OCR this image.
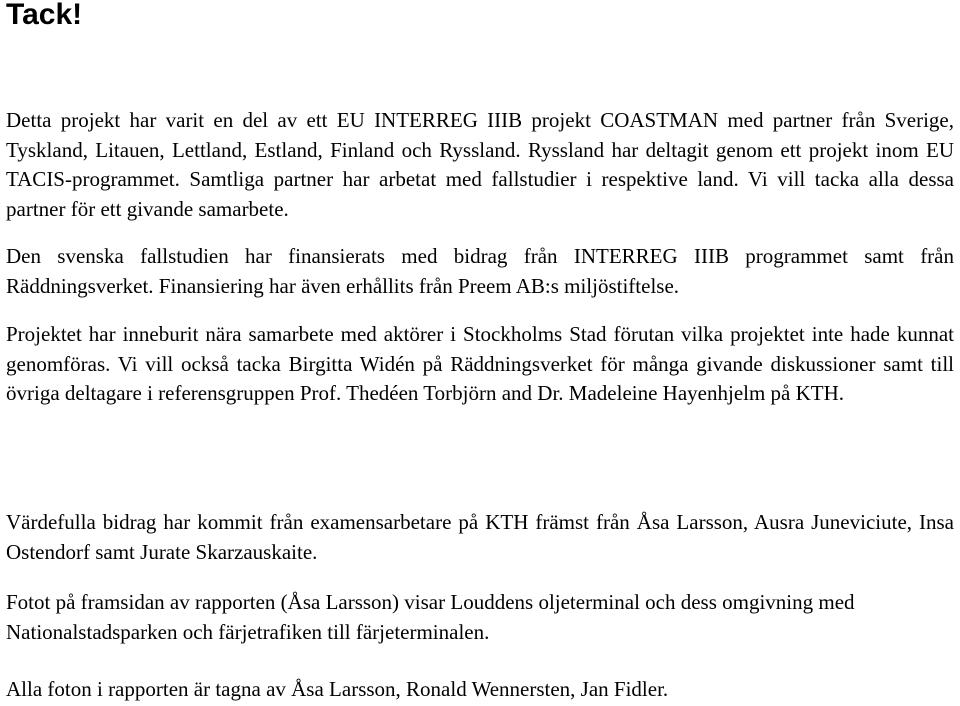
Tack!

Detta projekt har varit en del av ett EU INTERREG IIIB projekt COASTMAN med partner från Sverige, Tyskland, Litauen, Lettland, Estland, Finland och Ryssland. Ryssland har deltagit genom ett projekt inom EU TACIS-programmet. Samtliga partner har arbetat med fallstudier i respektive land. Vi vill tacka alla dessa partner för ett givande samarbete.

Den svenska fallstudien har finansierats med bidrag från INTERREG IIIB programmet samt från Räddningsverket. Finansiering har även erhållits från Preem AB:s miljöstiftelse.

Projektet har inneburit nära samarbete med aktörer i Stockholms Stad förutan vilka projektet inte hade kunnat genomföras. Vi vill också tacka Birgitta Widén på Räddningsverket för många givande diskussioner samt till övriga deltagare i referensgruppen Prof. Thedéen Torbjörn and Dr. Madeleine Hayenhjelm på KTH.

Värdefulla bidrag har kommit från examensarbetare på KTH främst från Åsa Larsson, Ausra Juneviciute, Insa Ostendorf samt Jurate Skarzauskaite.

Fotot på framsidan av rapporten (Åsa Larsson) visar Louddens oljeterminal och dess omgivning med Nationalstadsparken och färjetrafiken till färjeterminalen.

Alla foton i rapporten är tagna av Åsa Larsson, Ronald Wennersten, Jan Fidler.
